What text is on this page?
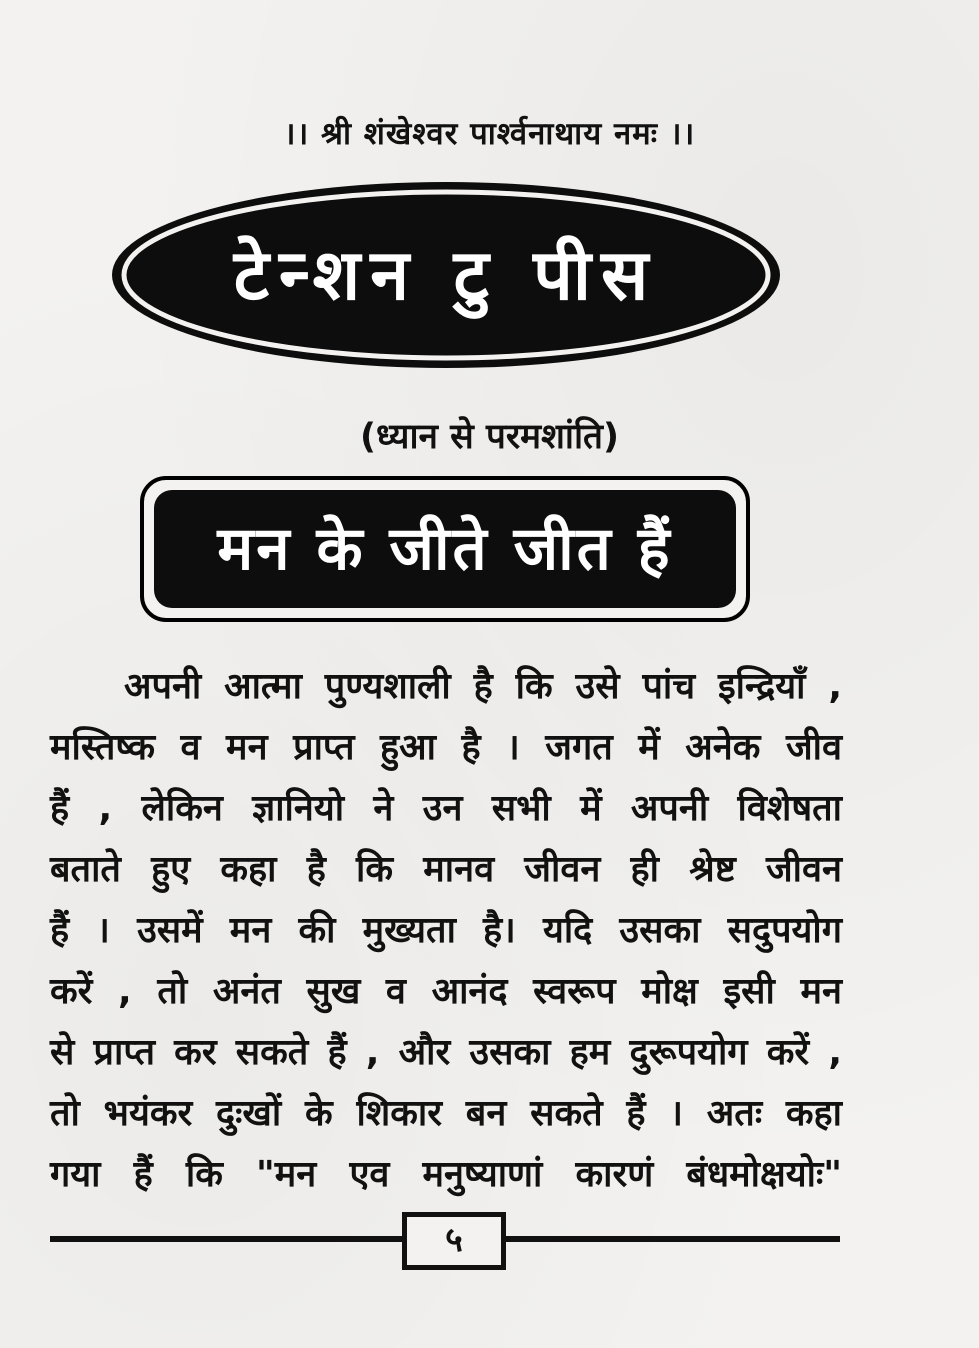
।। श्री शंखेश्वर पार्श्वनाथाय नमः ।।
टेन्शन टु पीस
(ध्यान से परमशांति)
मन के जीते जीत हैं
अपनी आत्मा पुण्यशाली है कि उसे पांच इन्द्रियाँ ,
मस्तिष्क व मन प्राप्त हुआ है । जगत में अनेक जीव
हैं , लेकिन ज्ञानियो ने उन सभी में अपनी विशेषता
बताते हुए कहा है कि मानव जीवन ही श्रेष्ट जीवन
हैं । उसमें मन की मुख्यता है। यदि उसका सदुपयोग
करें , तो अनंत सुख व आनंद स्वरूप मोक्ष इसी मन
से प्राप्त कर सकते हैं , और उसका हम दुरूपयोग करें ,
तो भयंकर दुःखों के शिकार बन सकते हैं । अतः कहा
गया हैं कि "मन एव मनुष्याणां कारणं बंधमोक्षयोः"
५
